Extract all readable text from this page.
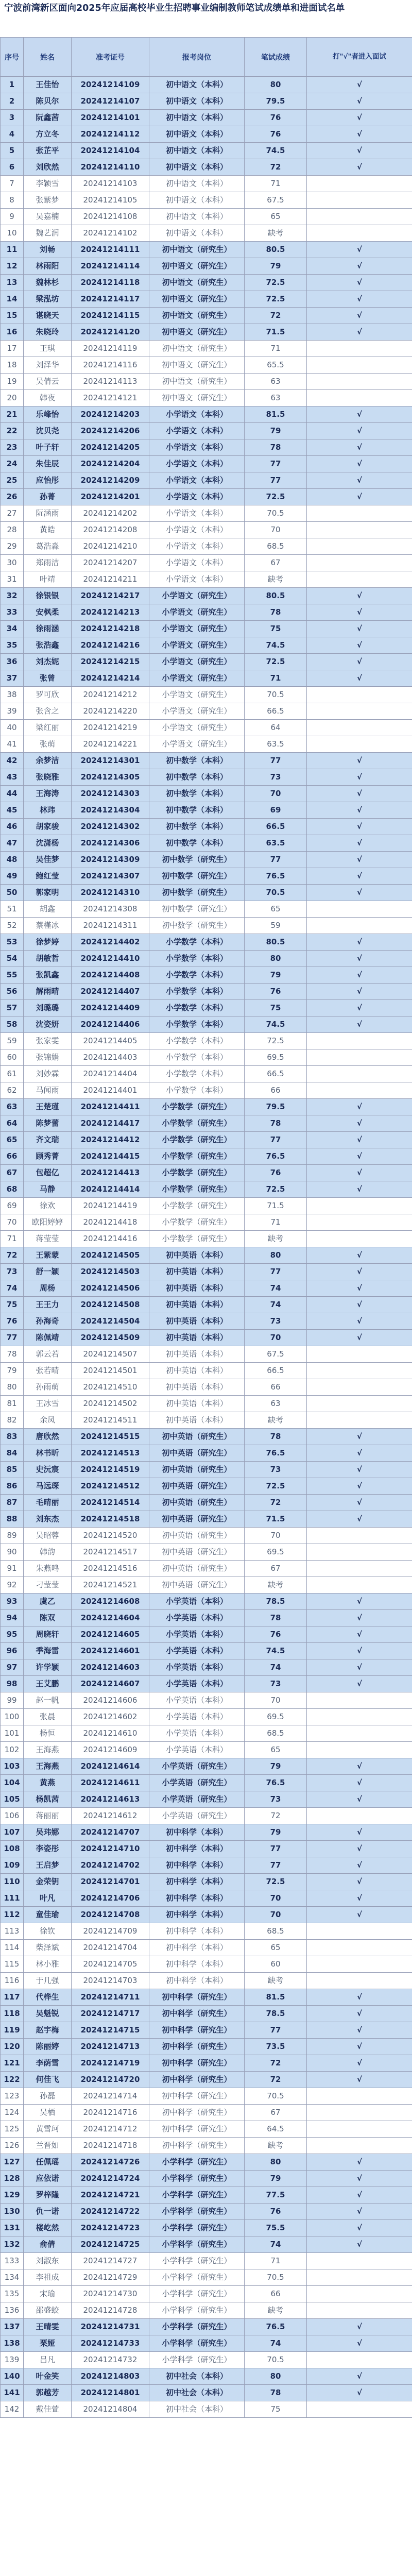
宁波前湾新区面向2025年应届高校毕业生招聘事业编制教师笔试成绩单和进面试名单
序号	姓名	准考证号	报考岗位	笔试成绩	打"√"者进入面试
1	王佳怡	20241214109	初中语文（本科）	80	√
2	陈贝尔	20241214107	初中语文（本科）	79.5	√
3	阮鑫茜	20241214101	初中语文（本科）	76	√
4	方立冬	20241214112	初中语文（本科）	76	√
5	张芷平	20241214104	初中语文（本科）	74.5	√
6	刘欣然	20241214110	初中语文（本科）	72	√
7	李颖雪	20241214103	初中语文（本科）	71	
8	张紫梦	20241214105	初中语文（本科）	67.5	
9	吴嘉楠	20241214108	初中语文（本科）	65	
10	魏艺润	20241214102	初中语文（本科）	缺考	
11	刘畅	20241214111	初中语文（研究生）	80.5	√
12	林雨阳	20241214114	初中语文（研究生）	79	√
13	魏林杉	20241214118	初中语文（研究生）	72.5	√
14	梁泓坊	20241214117	初中语文（研究生）	72.5	√
15	谌晓天	20241214115	初中语文（研究生）	72	√
16	朱晓玲	20241214120	初中语文（研究生）	71.5	√
17	王琪	20241214119	初中语文（研究生）	71	
18	刘泽华	20241214116	初中语文（研究生）	65.5	
19	吴倩云	20241214113	初中语文（研究生）	63	
20	韩夜	20241214121	初中语文（研究生）	63	
21	乐峰怡	20241214203	小学语文（本科）	81.5	√
22	沈贝尧	20241214206	小学语文（本科）	79	√
23	叶子轩	20241214205	小学语文（本科）	78	√
24	朱佳辰	20241214204	小学语文（本科）	77	√
25	应怡彤	20241214209	小学语文（本科）	77	√
26	孙菁	20241214201	小学语文（本科）	72.5	√
27	阮涵雨	20241214202	小学语文（本科）	70.5	
28	黄皓	20241214208	小学语文（本科）	70	
29	葛浩淼	20241214210	小学语文（本科）	68.5	
30	郑雨洁	20241214207	小学语文（本科）	67	
31	叶靖	20241214211	小学语文（本科）	缺考	
32	徐银银	20241214217	小学语文（研究生）	80.5	√
33	安枫柔	20241214213	小学语文（研究生）	78	√
34	徐雨涵	20241214218	小学语文（研究生）	75	√
35	张浩鑫	20241214216	小学语文（研究生）	74.5	√
36	刘杰妮	20241214215	小学语文（研究生）	72.5	√
37	张曾	20241214214	小学语文（研究生）	71	√
38	罗可欣	20241214212	小学语文（研究生）	70.5	
39	张含之	20241214220	小学语文（研究生）	66.5	
40	梁红丽	20241214219	小学语文（研究生）	64	
41	张萌	20241214221	小学语文（研究生）	63.5	
42	余梦洁	20241214301	初中数学（本科）	77	√
43	张晓雅	20241214305	初中数学（本科）	73	√
44	王海涛	20241214303	初中数学（本科）	70	√
45	林玮	20241214304	初中数学（本科）	69	√
46	胡家骏	20241214302	初中数学（本科）	66.5	√
47	沈潇杨	20241214306	初中数学（本科）	63.5	√
48	吴佳梦	20241214309	初中数学（研究生）	77	√
49	鲍红莹	20241214307	初中数学（研究生）	76.5	√
50	郭家明	20241214310	初中数学（研究生）	70.5	√
51	胡鑫	20241214308	初中数学（研究生）	65	
52	蔡槿冰	20241214311	初中数学（研究生）	59	
53	徐梦婷	20241214402	小学数学（本科）	80.5	√
54	胡敏哲	20241214410	小学数学（本科）	80	√
55	张凯鑫	20241214408	小学数学（本科）	79	√
56	解雨晴	20241214407	小学数学（本科）	76	√
57	刘璐璐	20241214409	小学数学（本科）	75	√
58	沈姿妍	20241214406	小学数学（本科）	74.5	√
59	张家雯	20241214405	小学数学（本科）	72.5	
60	张锦娟	20241214403	小学数学（本科）	69.5	
61	刘妙霖	20241214404	小学数学（本科）	66.5	
62	马闻雨	20241214401	小学数学（本科）	66	
63	王楚瑾	20241214411	小学数学（研究生）	79.5	√
64	陈梦蕾	20241214417	小学数学（研究生）	78	√
65	齐文瑞	20241214412	小学数学（研究生）	77	√
66	顾秀菁	20241214415	小学数学（研究生）	76.5	√
67	包超亿	20241214413	小学数学（研究生）	76	√
68	马静	20241214414	小学数学（研究生）	72.5	√
69	徐欢	20241214419	小学数学（研究生）	71.5	
70	欧阳婷婷	20241214418	小学数学（研究生）	71	
71	蒋莹莹	20241214416	小学数学（研究生）	缺考	
72	王紫蒙	20241214505	初中英语（本科）	80	√
73	舒一颖	20241214503	初中英语（本科）	77	√
74	周杨	20241214506	初中英语（本科）	74	√
75	王王力	20241214508	初中英语（本科）	74	√
76	孙海奇	20241214504	初中英语（本科）	73	√
77	陈佩靖	20241214509	初中英语（本科）	70	√
78	郭云若	20241214507	初中英语（本科）	67.5	
79	张若晴	20241214501	初中英语（本科）	66.5	
80	孙雨萌	20241214510	初中英语（本科）	66	
81	王冰雪	20241214502	初中英语（本科）	63	
82	余凤	20241214511	初中英语（本科）	缺考	
83	唐欣然	20241214515	初中英语（研究生）	78	√
84	林书昕	20241214513	初中英语（研究生）	76.5	√
85	史沅宸	20241214519	初中英语（研究生）	73	√
86	马远琛	20241214512	初中英语（研究生）	72.5	√
87	毛晴丽	20241214514	初中英语（研究生）	72	√
88	刘东杰	20241214518	初中英语（研究生）	71.5	√
89	吴昭蓉	20241214520	初中英语（研究生）	70	
90	韩韵	20241214517	初中英语（研究生）	69.5	
91	朱燕鸣	20241214516	初中英语（研究生）	67	
92	刁莹莹	20241214521	初中英语（研究生）	缺考	
93	虞乙	20241214608	小学英语（本科）	78.5	√
94	陈双	20241214604	小学英语（本科）	78	√
95	周晓轩	20241214605	小学英语（本科）	76	√
96	季海雷	20241214601	小学英语（本科）	74.5	√
97	许学颖	20241214603	小学英语（本科）	74	√
98	王艾鹏	20241214607	小学英语（本科）	73	√
99	赵一帆	20241214606	小学英语（本科）	70	
100	张晨	20241214602	小学英语（本科）	69.5	
101	杨恒	20241214610	小学英语（本科）	68.5	
102	王海燕	20241214609	小学英语（本科）	65	
103	王海燕	20241214614	小学英语（研究生）	79	√
104	黄燕	20241214611	小学英语（研究生）	76.5	√
105	杨凯茜	20241214613	小学英语（研究生）	73	√
106	蒋丽丽	20241214612	小学英语（研究生）	72	
107	吴玮娜	20241214707	初中科学（本科）	79	√
108	李姿彤	20241214710	初中科学（本科）	77	√
109	王启梦	20241214702	初中科学（本科）	77	√
110	金荣钥	20241214701	初中科学（本科）	72.5	√
111	叶凡	20241214706	初中科学（本科）	70	√
112	童佳瑜	20241214708	初中科学（本科）	70	√
113	徐钦	20241214709	初中科学（本科）	68.5	
114	柴泽斌	20241214704	初中科学（本科）	65	
115	林小雅	20241214705	初中科学（本科）	60	
116	于几强	20241214703	初中科学（本科）	缺考	
117	代桦生	20241214711	初中科学（研究生）	81.5	√
118	吴魁锐	20241214717	初中科学（研究生）	78.5	√
119	赵宇梅	20241214715	初中科学（研究生）	77	√
120	陈丽婷	20241214713	初中科学（研究生）	73.5	√
121	李荫雪	20241214719	初中科学（研究生）	72	√
122	何佳飞	20241214720	初中科学（研究生）	72	√
123	孙磊	20241214714	初中科学（研究生）	70.5	
124	吴栖	20241214716	初中科学（研究生）	67	
125	黄雪珂	20241214712	初中科学（研究生）	64.5	
126	兰晋如	20241214718	初中科学（研究生）	缺考	
127	任佩瑶	20241214726	小学科学（研究生）	80	√
128	应依诺	20241214724	小学科学（研究生）	79	√
129	罗梓隆	20241214721	小学科学（研究生）	77.5	√
130	仇一诺	20241214722	小学科学（研究生）	76	√
131	楼屹然	20241214723	小学科学（研究生）	75.5	√
132	俞倩	20241214725	小学科学（研究生）	74	√
133	刘淑东	20241214727	小学科学（研究生）	71	
134	李祖成	20241214729	小学科学（研究生）	70.5	
135	宋瑜	20241214730	小学科学（研究生）	66	
136	邵盛蛟	20241214728	小学科学（研究生）	缺考	
137	王晴雯	20241214731	小学科学（研究生）	76.5	√
138	栗娅	20241214733	小学科学（研究生）	74	√
139	吕凡	20241214732	小学科学（研究生）	70.5	
140	叶金笑	20241214803	初中社会（本科）	80	√
141	郭越芳	20241214801	初中社会（本科）	78	√
142	戴佳萱	20241214804	初中社会（本科）	75	
